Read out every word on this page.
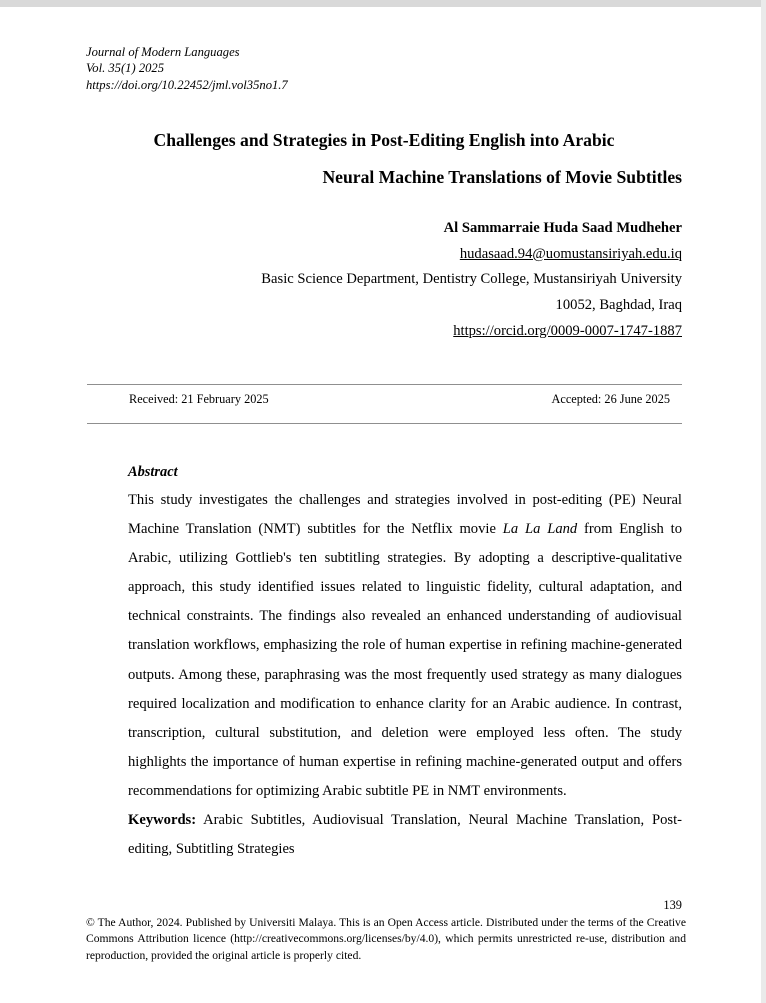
Journal of Modern Languages
Vol. 35(1) 2025
https://doi.org/10.22452/jml.vol35no1.7
Challenges and Strategies in Post-Editing English into Arabic
Neural Machine Translations of Movie Subtitles
Al Sammarraie Huda Saad Mudheher
hudasaad.94@uomustansiriyah.edu.iq
Basic Science Department, Dentistry College, Mustansiriyah University
10052, Baghdad, Iraq
https://orcid.org/0009-0007-1747-1887
Received: 21 February 2025	Accepted: 26 June 2025
Abstract
This study investigates the challenges and strategies involved in post-editing (PE) Neural Machine Translation (NMT) subtitles for the Netflix movie La La Land from English to Arabic, utilizing Gottlieb's ten subtitling strategies. By adopting a descriptive-qualitative approach, this study identified issues related to linguistic fidelity, cultural adaptation, and technical constraints. The findings also revealed an enhanced understanding of audiovisual translation workflows, emphasizing the role of human expertise in refining machine-generated outputs. Among these, paraphrasing was the most frequently used strategy as many dialogues required localization and modification to enhance clarity for an Arabic audience. In contrast, transcription, cultural substitution, and deletion were employed less often. The study highlights the importance of human expertise in refining machine-generated output and offers recommendations for optimizing Arabic subtitle PE in NMT environments.
Keywords: Arabic Subtitles, Audiovisual Translation, Neural Machine Translation, Post-editing, Subtitling Strategies
139
© The Author, 2024. Published by Universiti Malaya. This is an Open Access article. Distributed under the terms of the Creative Commons Attribution licence (http://creativecommons.org/licenses/by/4.0), which permits unrestricted re-use, distribution and reproduction, provided the original article is properly cited.
